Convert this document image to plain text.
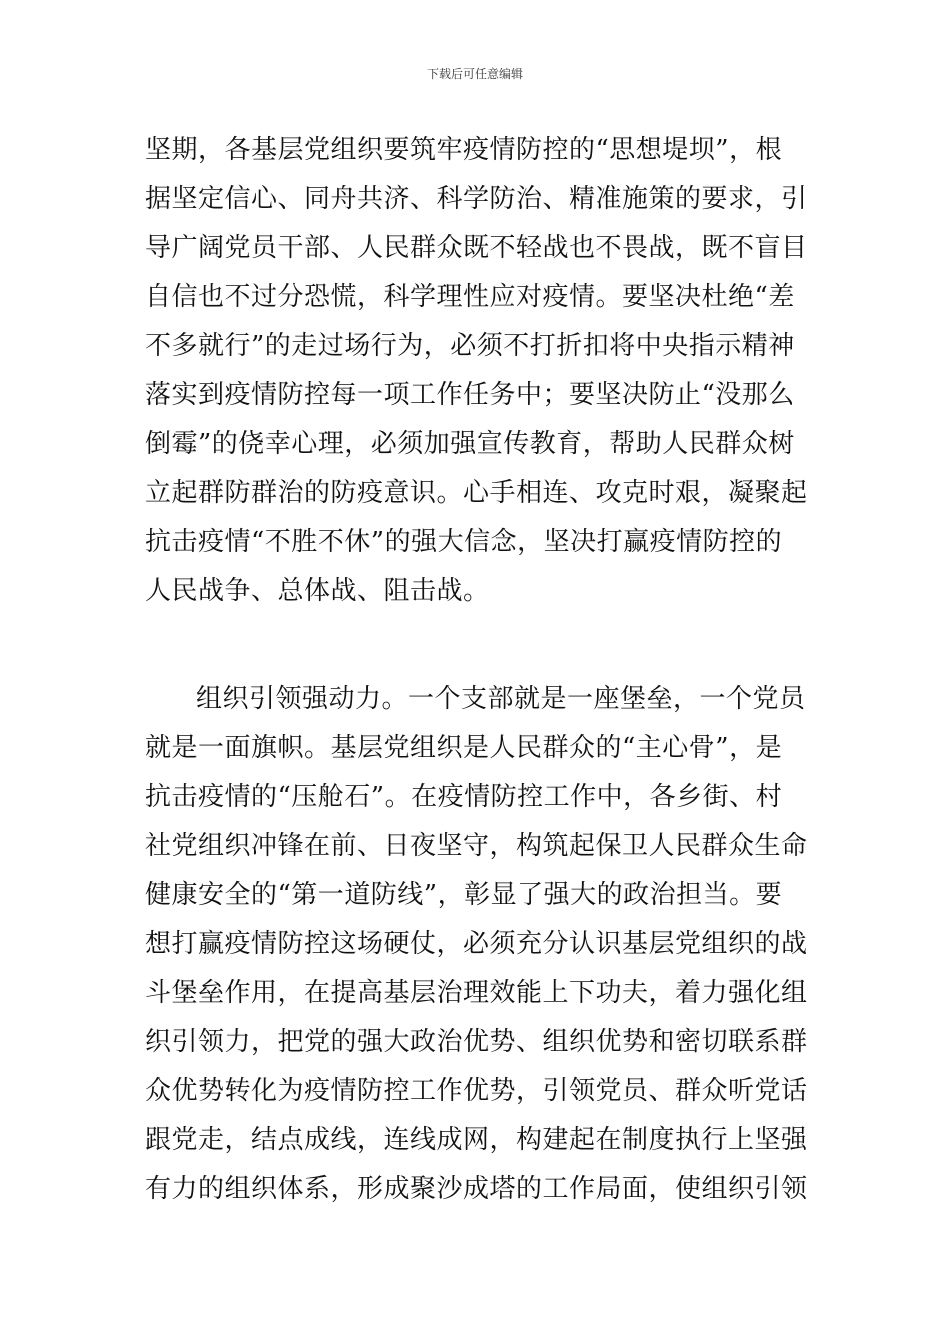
下载后可任意编辑
坚期，各基层党组织要筑牢疫情防控的“思想堤坝”，根
据坚定信心、同舟共济、科学防治、精准施策的要求，引
导广阔党员干部、人民群众既不轻战也不畏战，既不盲目
自信也不过分恐慌，科学理性应对疫情。要坚决杜绝“差
不多就行”的走过场行为，必须不打折扣将中央指示精神
落实到疫情防控每一项工作任务中；要坚决防止“没那么
倒霉”的侥幸心理，必须加强宣传教育，帮助人民群众树
立起群防群治的防疫意识。心手相连、攻克时艰，凝聚起
抗击疫情“不胜不休”的强大信念，坚决打赢疫情防控的
人民战争、总体战、阻击战。
组织引领强动力。一个支部就是一座堡垒，一个党员
就是一面旗帜。基层党组织是人民群众的“主心骨”，是
抗击疫情的“压舱石”。在疫情防控工作中，各乡街、村
社党组织冲锋在前、日夜坚守，构筑起保卫人民群众生命
健康安全的“第一道防线”，彰显了强大的政治担当。要
想打赢疫情防控这场硬仗，必须充分认识基层党组织的战
斗堡垒作用，在提高基层治理效能上下功夫，着力强化组
织引领力，把党的强大政治优势、组织优势和密切联系群
众优势转化为疫情防控工作优势，引领党员、群众听党话
跟党走，结点成线，连线成网，构建起在制度执行上坚强
有力的组织体系，形成聚沙成塔的工作局面，使组织引领
